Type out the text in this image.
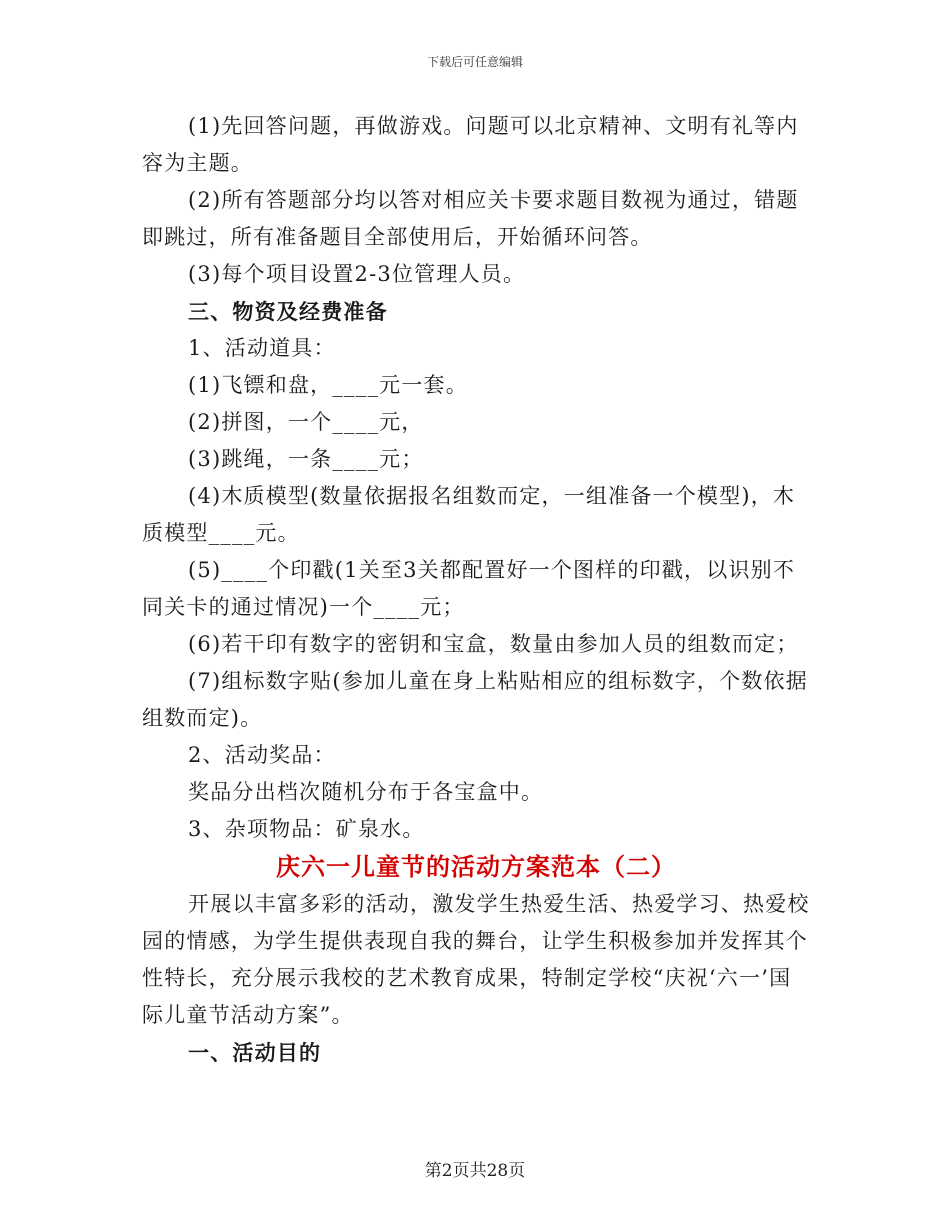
下载后可任意编辑

(1)先回答问题，再做游戏。问题可以北京精神、文明有礼等内容为主题。

(2)所有答题部分均以答对相应关卡要求题目数视为通过，错题即跳过，所有准备题目全部使用后，开始循环问答。

(3)每个项目设置2-3位管理人员。

三、物资及经费准备

1、活动道具：

(1)飞镖和盘，____元一套。

(2)拼图，一个____元，

(3)跳绳，一条____元；

(4)木质模型(数量依据报名组数而定，一组准备一个模型)，木质模型____元。

(5)____个印戳(1关至3关都配置好一个图样的印戳，以识别不同关卡的通过情况)一个____元；

(6)若干印有数字的密钥和宝盒，数量由参加人员的组数而定；

(7)组标数字贴(参加儿童在身上粘贴相应的组标数字，个数依据组数而定)。

2、活动奖品：

奖品分出档次随机分布于各宝盒中。

3、杂项物品：矿泉水。

庆六一儿童节的活动方案范本（二）

开展以丰富多彩的活动，激发学生热爱生活、热爱学习、热爱校园的情感，为学生提供表现自我的舞台，让学生积极参加并发挥其个性特长，充分展示我校的艺术教育成果，特制定学校“庆祝‘六一’国际儿童节活动方案”。

一、活动目的

第2页共28页
